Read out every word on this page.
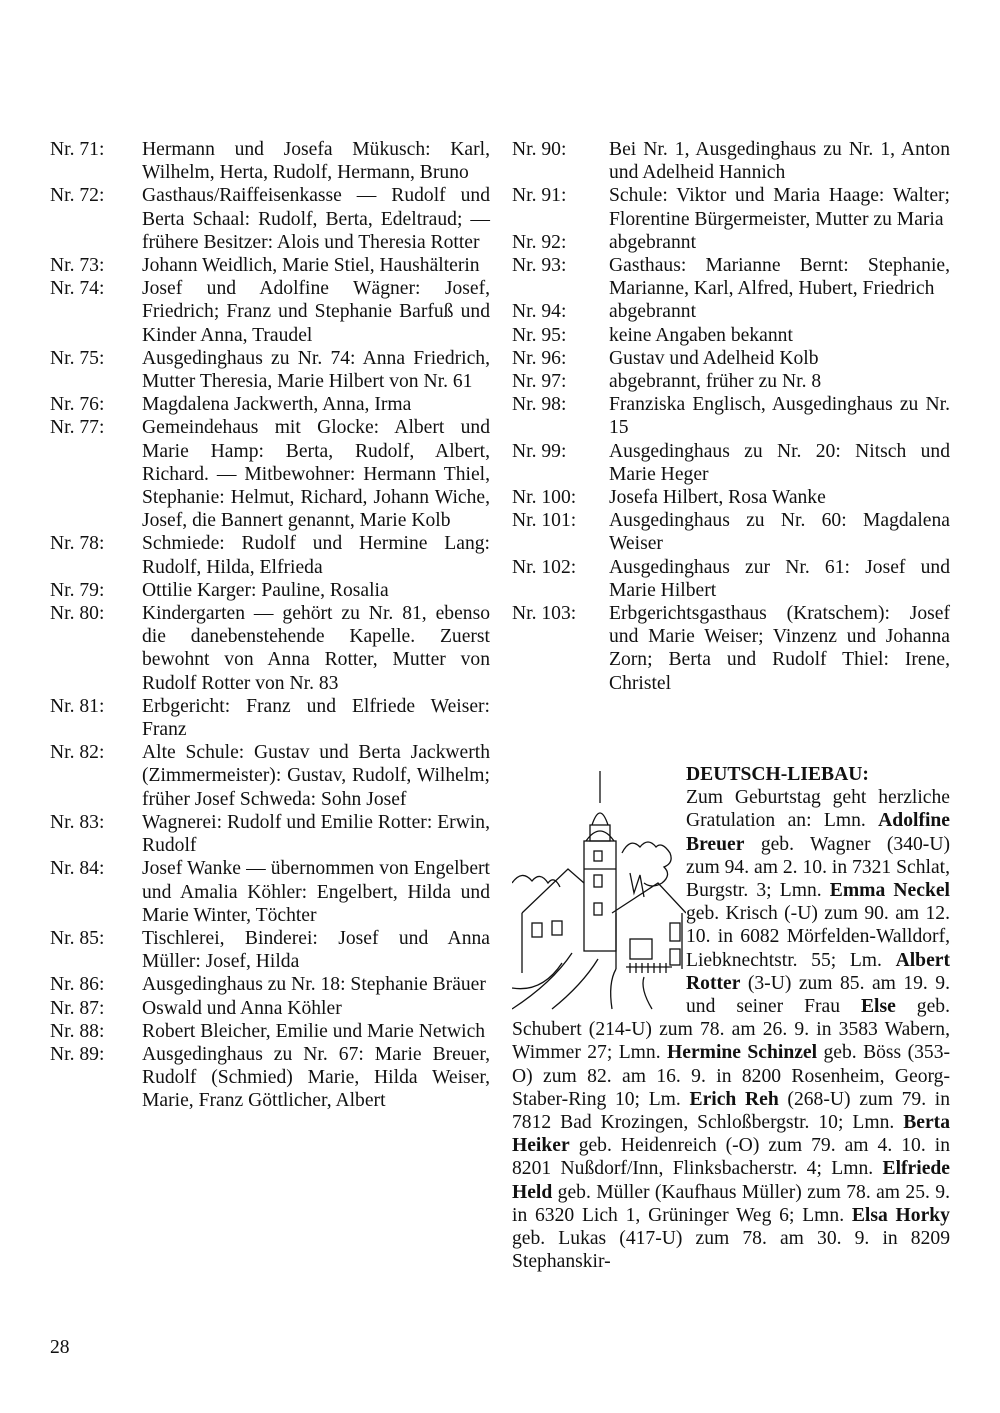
Nr. 71:	Hermann und Josefa Mükusch: Karl, Wilhelm, Herta, Rudolf, Hermann, Bruno
Nr. 72:	Gasthaus/Raiffeisenkasse — Rudolf und Berta Schaal: Rudolf, Berta, Edeltraud; — frühere Besitzer: Alois und Theresia Rotter
Nr. 73:	Johann Weidlich, Marie Stiel, Haushälterin
Nr. 74:	Josef und Adolfine Wägner: Josef, Friedrich; Franz und Stephanie Barfuß und Kinder Anna, Traudel
Nr. 75:	Ausgedinghaus zu Nr. 74: Anna Friedrich, Mutter Theresia, Marie Hilbert von Nr. 61
Nr. 76:	Magdalena Jackwerth, Anna, Irma
Nr. 77:	Gemeindehaus mit Glocke: Albert und Marie Hamp: Berta, Rudolf, Albert, Richard. — Mitbewohner: Hermann Thiel, Stephanie: Helmut, Richard, Johann Wiche, Josef, die Bannert genannt, Marie Kolb
Nr. 78:	Schmiede: Rudolf und Hermine Lang: Rudolf, Hilda, Elfrieda
Nr. 79:	Ottilie Karger: Pauline, Rosalia
Nr. 80:	Kindergarten — gehört zu Nr. 81, ebenso die danebenstehende Kapelle. Zuerst bewohnt von Anna Rotter, Mutter von Rudolf Rotter von Nr. 83
Nr. 81:	Erbgericht: Franz und Elfriede Weiser: Franz
Nr. 82:	Alte Schule: Gustav und Berta Jackwerth (Zimmermeister): Gustav, Rudolf, Wilhelm; früher Josef Schweda: Sohn Josef
Nr. 83:	Wagnerei: Rudolf und Emilie Rotter: Erwin, Rudolf
Nr. 84:	Josef Wanke — übernommen von Engelbert und Amalia Köhler: Engelbert, Hilda und Marie Winter, Töchter
Nr. 85:	Tischlerei, Binderei: Josef und Anna Müller: Josef, Hilda
Nr. 86:	Ausgedinghaus zu Nr. 18: Stephanie Bräuer
Nr. 87:	Oswald und Anna Köhler
Nr. 88:	Robert Bleicher, Emilie und Marie Netwich
Nr. 89:	Ausgedinghaus zu Nr. 67: Marie Breuer, Rudolf (Schmied) Marie, Hilda Weiser, Marie, Franz Göttlicher, Albert
Nr. 90:	Bei Nr. 1, Ausgedinghaus zu Nr. 1, Anton und Adelheid Hannich
Nr. 91:	Schule: Viktor und Maria Haage: Walter; Florentine Bürgermeister, Mutter zu Maria
Nr. 92:	abgebrannt
Nr. 93:	Gasthaus: Marianne Bernt: Stephanie, Marianne, Karl, Alfred, Hubert, Friedrich
Nr. 94:	abgebrannt
Nr. 95:	keine Angaben bekannt
Nr. 96:	Gustav und Adelheid Kolb
Nr. 97:	abgebrannt, früher zu Nr. 8
Nr. 98:	Franziska Englisch, Ausgedinghaus zu Nr. 15
Nr. 99:	Ausgedinghaus zu Nr. 20: Nitsch und Marie Heger
Nr. 100:	Josefa Hilbert, Rosa Wanke
Nr. 101:	Ausgedinghaus zu Nr. 60: Magdalena Weiser
Nr. 102:	Ausgedinghaus zur Nr. 61: Josef und Marie Hilbert
Nr. 103:	Erbgerichtsgasthaus (Kratschem): Josef und Marie Weiser; Vinzenz und Johanna Zorn; Berta und Rudolf Thiel: Irene, Christel
DEUTSCH-LIEBAU:
Zum Geburtstag geht herzliche Gratulation an: Lmn. Adolfine Breuer geb. Wagner (340-U) zum 94. am 2. 10. in 7321 Schlat, Burgstr. 3; Lmn. Emma Neckel geb. Krisch (-U) zum 90. am 12. 10. in 6082 Mörfelden-Walldorf, Liebknechtstr. 55; Lm. Albert Rotter (3-U) zum 85. am 19. 9. und seiner Frau Else geb. Schubert (214-U) zum 78. am 26. 9. in 3583 Wabern, Wimmer 27; Lmn. Hermine Schinzel geb. Böss (353-O) zum 82. am 16. 9. in 8200 Rosenheim, Georg-Staber-Ring 10; Lm. Erich Reh (268-U) zum 79. in 7812 Bad Krozingen, Schloßbergstr. 10; Lmn. Berta Heiker geb. Heidenreich (-O) zum 79. am 4. 10. in 8201 Nußdorf/Inn, Flinksbacherstr. 4; Lmn. Elfriede Held geb. Müller (Kaufhaus Müller) zum 78. am 25. 9. in 6320 Lich 1, Grüninger Weg 6; Lmn. Elsa Horky geb. Lukas (417-U) zum 78. am 30. 9. in 8209 Stephanskir-
28
